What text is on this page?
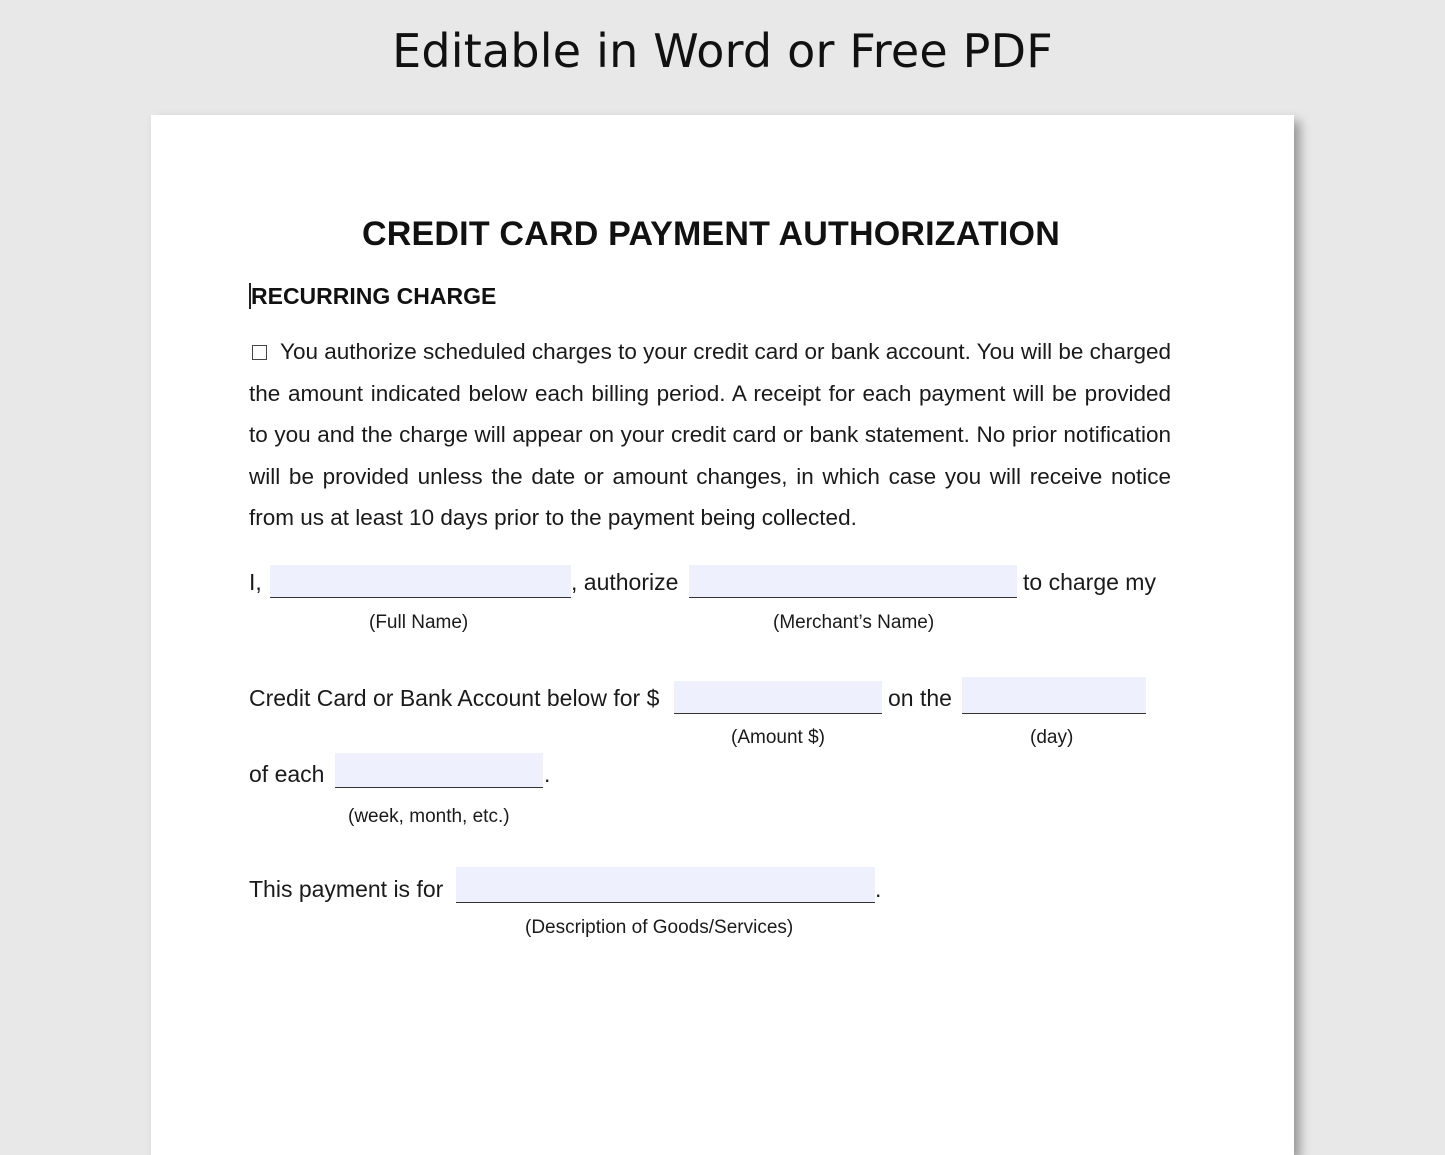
Editable in Word or Free PDF
CREDIT CARD PAYMENT AUTHORIZATION
RECURRING CHARGE
You authorize scheduled charges to your credit card or bank account. You will be charged the amount indicated below each billing period. A receipt for each payment will be provided to you and the charge will appear on your credit card or bank statement. No prior notification will be provided unless the date or amount changes, in which case you will receive notice from us at least 10 days prior to the payment being collected.
I,	, authorize	to charge my
(Full Name)	(Merchant’s Name)
Credit Card or Bank Account below for $	on the
(Amount $)	(day)
of each	.
(week, month, etc.)
This payment is for	.
(Description of Goods/Services)
